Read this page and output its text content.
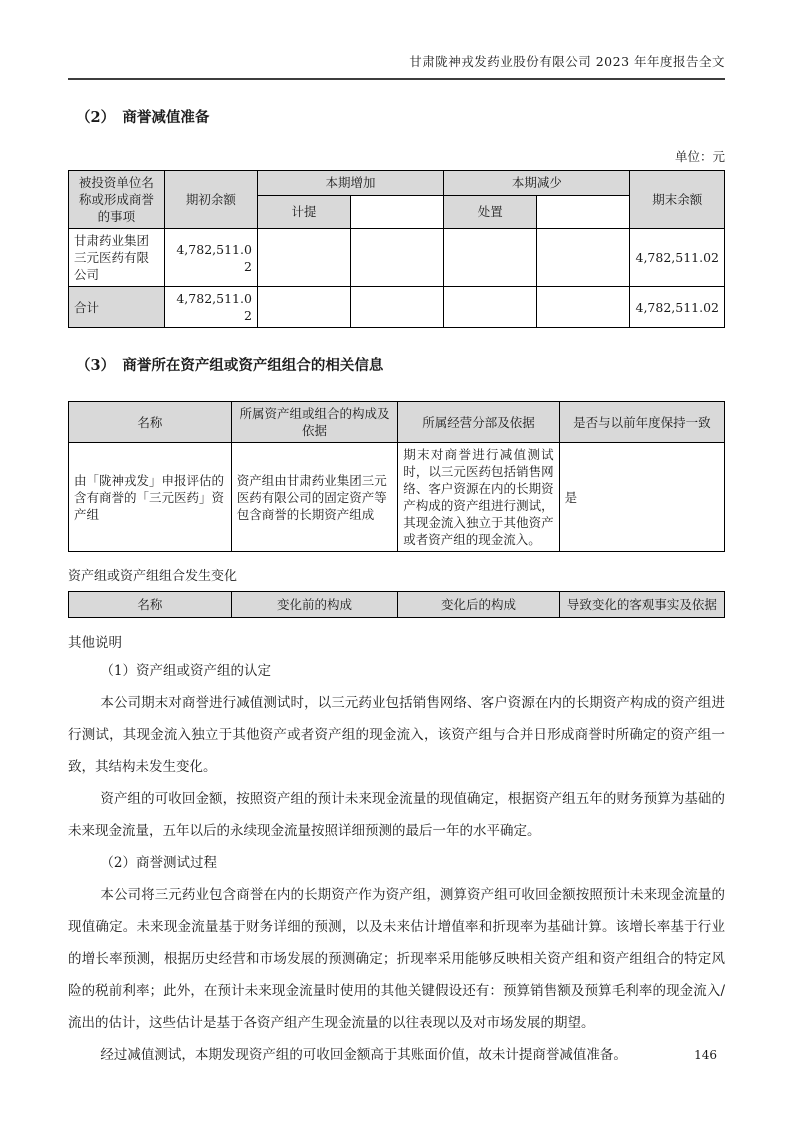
甘肃陇神戎发药业股份有限公司 2023 年年度报告全文
（2）　商誉减值准备
单位：元
被投资单位名称或形成商誉的事项	期初余额	本期增加		本期减少		期末余额
		计提		处置		
甘肃药业集团三元医药有限公司	4,782,511.02					4,782,511.02
合计	4,782,511.02					4,782,511.02
（3）　商誉所在资产组或资产组组合的相关信息
名称	所属资产组或组合的构成及依据	所属经营分部及依据	是否与以前年度保持一致
由「陇神戎发」申报评估的含有商誉的「三元医药」资产组	资产组由甘肃药业集团三元医药有限公司的固定资产等包含商誉的长期资产组成	期末对商誉进行减值测试时，以三元医药包括销售网络、客户资源在内的长期资产构成的资产组进行测试，其现金流入独立于其他资产或者资产组的现金流入。	是
资产组或资产组组合发生变化
名称	变化前的构成	变化后的构成	导致变化的客观事实及依据
其他说明

（1）资产组或资产组的认定

本公司期末对商誉进行减值测试时，以三元药业包括销售网络、客户资源在内的长期资产构成的资产组进行测试，其现金流入独立于其他资产或者资产组的现金流入，该资产组与合并日形成商誉时所确定的资产组一致，其结构未发生变化。

资产组的可收回金额，按照资产组的预计未来现金流量的现值确定，根据资产组五年的财务预算为基础的未来现金流量，五年以后的永续现金流量按照详细预测的最后一年的水平确定。

（2）商誉测试过程

本公司将三元药业包含商誉在内的长期资产作为资产组，测算资产组可收回金额按照预计未来现金流量的现值确定。未来现金流量基于财务详细的预测，以及未来估计增值率和折现率为基础计算。该增长率基于行业的增长率预测，根据历史经营和市场发展的预测确定；折现率采用能够反映相关资产组和资产组组合的特定风险的税前利率；此外，在预计未来现金流量时使用的其他关键假设还有：预算销售额及预算毛利率的现金流入/流出的估计，这些估计是基于各资产组产生现金流量的以往表现以及对市场发展的期望。

经过减值测试，本期发现资产组的可收回金额高于其账面价值，故未计提商誉减值准备。	146
